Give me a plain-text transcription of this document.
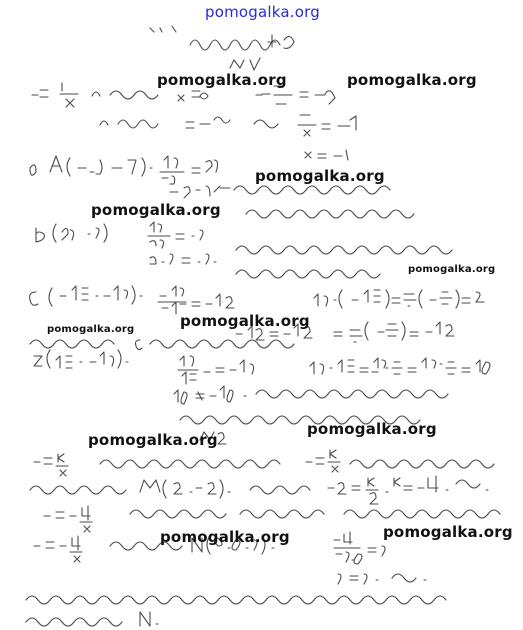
pomogalka.org
pomogalka.org	pomogalka.org
pomogalka.org
pomogalka.org
pomogalka.org
pomogalka.org
pomogalka.org
pomogalka.org
pomogalka.org
pomogalka.org	pomogalka.org
